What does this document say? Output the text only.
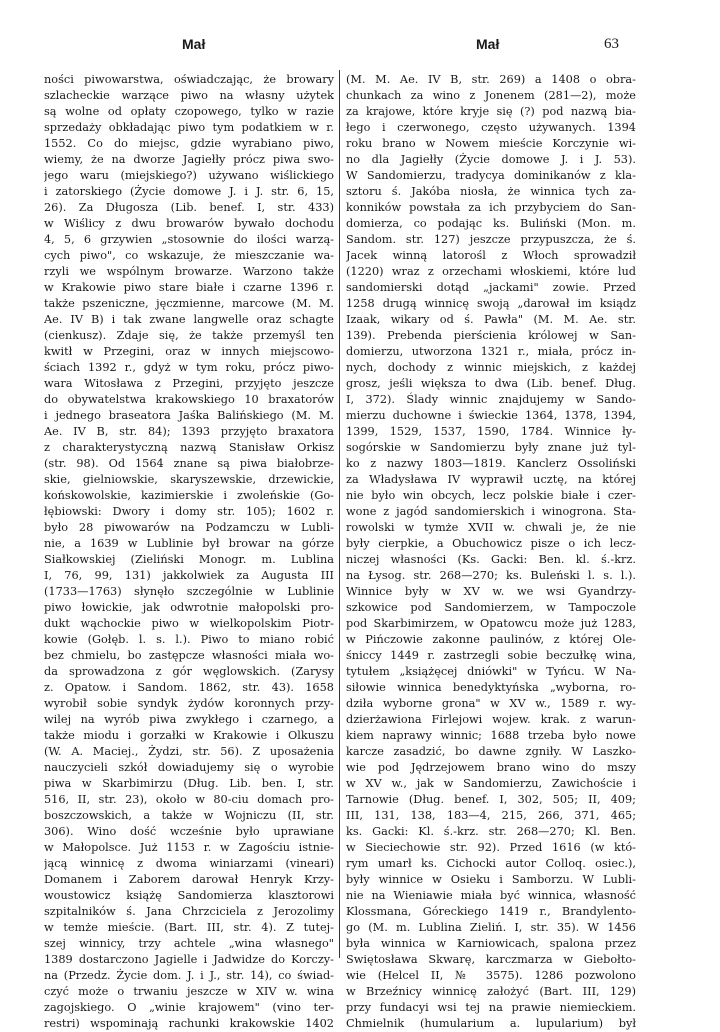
Mał	Mał	63
ności piwowarstwa, oświadczając, że browary
szlacheckie warzące piwo na własny użytek
są wolne od opłaty czopowego, tylko w razie
sprzedaży obkładając piwo tym podatkiem w r.
1552. Co do miejsc, gdzie wyrabiano piwo,
wiemy, że na dworze Jagiełły prócz piwa swo-
jego waru (miejskiego?) używano wiślickiego
i zatorskiego (Życie domowe J. i J. str. 6, 15,
26). Za Długosza (Lib. benef. I, str. 433)
w Wiślicy z dwu browarów bywało dochodu
4, 5, 6 grzywien „stosownie do ilości warzą-
cych piwo", co wskazuje, że mieszczanie wa-
rzyli we wspólnym browarze. Warzono także
w Krakowie piwo stare białe i czarne 1396 r.
także pszeniczne, jęczmienne, marcowe (M. M.
Ae. IV B) i tak zwane langwelle oraz schagte
(cienkusz). Zdaje się, że także przemyśl ten
kwitł w Przegini, oraz w innych miejscowo-
ściach 1392 r., gdyż w tym roku, prócz piwo-
wara Witosława z Przegini, przyjęto jeszcze
do obywatelstwa krakowskiego 10 braxatorów
i jednego braseatora Jaśka Balińskiego (M. M.
Ae. IV B, str. 84); 1393 przyjęto braxatora
z charakterystyczną nazwą Stanisław Orkisz
(str. 98). Od 1564 znane są piwa białobrze-
skie, gielniowskie, skaryszewskie, drzewickie,
końskowolskie, kazimierskie i zwoleńskie (Go-
łębiowski: Dwory i domy str. 105); 1602 r.
było 28 piwowarów na Podzamczu w Lubli-
nie, a 1639 w Lublinie był browar na górze
Siałkowskiej (Zieliński Monogr. m. Lublina
I, 76, 99, 131) jakkolwiek za Augusta III
(1733—1763) słynęło szczególnie w Lublinie
piwo łowickie, jak odwrotnie małopolski pro-
dukt wąchockie piwo w wielkopolskim Piotr-
kowie (Gołęb. l. s. l.). Piwo to miano robić
bez chmielu, bo zastępcze własności miała wo-
da sprowadzona z gór węglowskich. (Zarysy
z. Opatow. i Sandom. 1862, str. 43). 1658
wyrobił sobie syndyk żydów koronnych przy-
wilej na wyrób piwa zwykłego i czarnego, a
także miodu i gorzałki w Krakowie i Olkuszu
(W. A. Maciej., Żydzi, str. 56). Z uposażenia
nauczycieli szkół dowiadujemy się o wyrobie
piwa w Skarbimirzu (Dług. Lib. ben. I, str.
516, II, str. 23), około w 80-ciu domach pro-
boszczowskich, a także w Wojniczu (II, str.
306). Wino dość wcześnie było uprawiane
w Małopolsce. Już 1153 r. w Zagościu istnie-
jącą winnicę z dwoma winiarzami (vineari)
Domanem i Zaborem darował Henryk Krzy-
woustowicz książę Sandomierza klasztorowi
szpitalników ś. Jana Chrzciciela z Jerozolimy
w temże mieście. (Bart. III, str. 4). Z tutej-
szej winnicy, trzy achtele „wina własnego"
1389 dostarczono Jagielle i Jadwidze do Korczy-
na (Przedz. Życie dom. J. i J., str. 14), co świad-
czyć może o trwaniu jeszcze w XIV w. wina
zagojskiego. O „winie krajowem" (vino ter-
restri) wspominają rachunki krakowskie 1402
(M. M. Ae. IV B, str. 269) a 1408 o obra-
chunkach za wino z Jonenem (281—2), może
za krajowe, które kryje się (?) pod nazwą bia-
łego i czerwonego, często używanych. 1394
roku brano w Nowem mieście Korczynie wi-
no dla Jagiełły (Życie domowe J. i J. 53).
W Sandomierzu, tradycya dominikanów z kla-
sztoru ś. Jakóba niosła, że winnica tych za-
konników powstała za ich przybyciem do San-
domierza, co podając ks. Buliński (Mon. m.
Sandom. str. 127) jeszcze przypuszcza, że ś.
Jacek winną latorośl z Włoch sprowadził
(1220) wraz z orzechami włoskiemi, które lud
sandomierski dotąd „jackami" zowie. Przed
1258 drugą winnicę swoją „darował im ksiądz
Izaak, wikary od ś. Pawła" (M. M. Ae. str.
139). Prebenda pierścienia królowej w San-
domierzu, utworzona 1321 r., miała, prócz in-
nych, dochody z winnic miejskich, z każdej
grosz, jeśli większa to dwa (Lib. benef. Dług.
I, 372). Ślady winnic znajdujemy w Sando-
mierzu duchowne i świeckie 1364, 1378, 1394,
1399, 1529, 1537, 1590, 1784. Winnice ły-
sogórskie w Sandomierzu były znane już tyl-
ko z nazwy 1803—1819. Kanclerz Ossoliński
za Władysława IV wyprawił ucztę, na której
nie było win obcych, lecz polskie białe i czer-
wone z jagód sandomierskich i winogrona. Sta-
rowolski w tymże XVII w. chwali je, że nie
były cierpkie, a Obuchowicz pisze o ich lecz-
niczej własności (Ks. Gacki: Ben. kl. ś.-krz.
na Łysog. str. 268—270; ks. Buleński l. s. l.).
Winnice były w XV w. we wsi Gyandrzy-
szkowice pod Sandomierzem, w Tampoczole
pod Skarbimirzem, w Opatowcu może już 1283,
w Pińczowie zakonne paulinów, z której Ole-
śniccy 1449 r. zastrzegli sobie beczułkę wina,
tytułem „książęcej dniówki" w Tyńcu. W Na-
siłowie winnica benedyktyńska „wyborna, ro-
dziła wyborne grona" w XV w., 1589 r. wy-
dzierżawiona Firlejowi wojew. krak. z warun-
kiem naprawy winnic; 1688 trzeba było nowe
karcze zasadzić, bo dawne zgniły. W Laszko-
wie pod Jędrzejowem brano wino do mszy
w XV w., jak w Sandomierzu, Zawichoście i
Tarnowie (Dług. benef. I, 302, 505; II, 409;
III, 131, 138, 183—4, 215, 266, 371, 465;
ks. Gacki: Kl. ś.-krz. str. 268—270; Kl. Ben.
w Sieciechowie str. 92). Przed 1616 (w któ-
rym umarł ks. Cichocki autor Colloq. osiec.),
były winnice w Osieku i Samborzu. W Lubli-
nie na Wieniawie miała być winnica, własność
Klossmana, Góreckiego 1419 r., Brandylento-
go (M. m. Lublina Zieliń. I, str. 35). W 1456
była winnica w Karniowicach, spalona przez
Swiętosława Skwarę, karczmarza w Giebołto-
wie (Helcel II, № 3575). 1286 pozwolono
w Brzeźnicy winnicę założyć (Bart. III, 129)
przy fundacyi wsi tej na prawie niemieckiem.
Chmielnik (humularium a. lupularium) był
